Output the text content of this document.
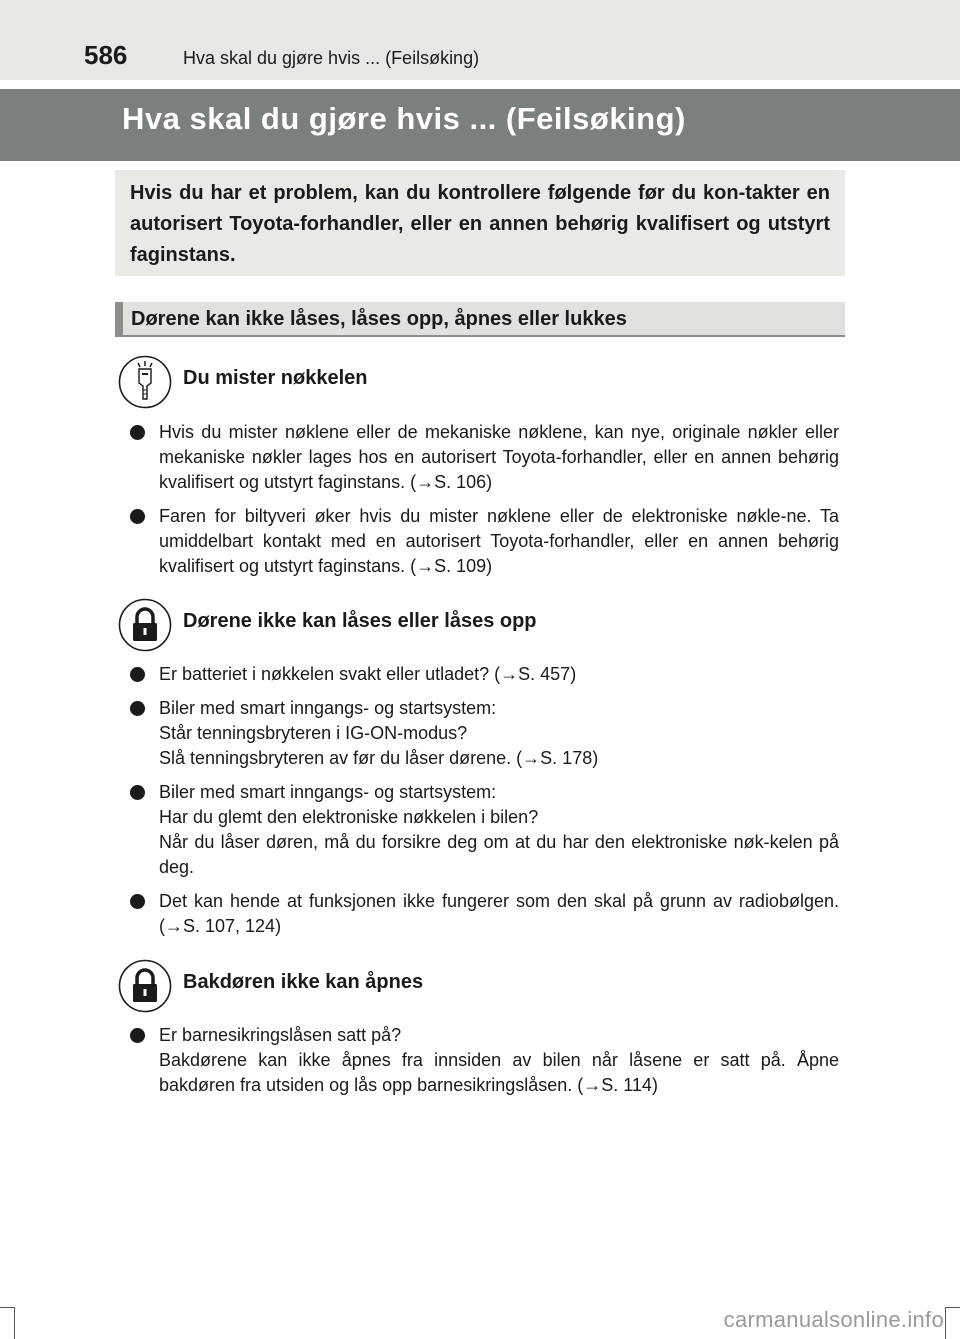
586	Hva skal du gjøre hvis ... (Feilsøking)
Hva skal du gjøre hvis ... (Feilsøking)

Hvis du har et problem, kan du kontrollere følgende før du kon-takter en autorisert Toyota-forhandler, eller en annen behørig kvalifisert og utstyrt faginstans.

Dørene kan ikke låses, låses opp, åpnes eller lukkes
Du mister nøkkelen
Hvis du mister nøklene eller de mekaniske nøklene, kan nye, originale nøkler eller mekaniske nøkler lages hos en autorisert Toyota-forhandler, eller en annen behørig kvalifisert og utstyrt faginstans. (→S. 106)
Faren for biltyveri øker hvis du mister nøklene eller de elektroniske nøkle-ne. Ta umiddelbart kontakt med en autorisert Toyota-forhandler, eller en annen behørig kvalifisert og utstyrt faginstans. (→S. 109)
Dørene ikke kan låses eller låses opp
Er batteriet i nøkkelen svakt eller utladet? (→S. 457)
Biler med smart inngangs- og startsystem:
Står tenningsbryteren i IG-ON-modus?
Slå tenningsbryteren av før du låser dørene. (→S. 178)
Biler med smart inngangs- og startsystem:
Har du glemt den elektroniske nøkkelen i bilen?
Når du låser døren, må du forsikre deg om at du har den elektroniske nøk-kelen på deg.
Det kan hende at funksjonen ikke fungerer som den skal på grunn av radiobølgen. (→S. 107, 124)
Bakdøren ikke kan åpnes
Er barnesikringslåsen satt på?
Bakdørene kan ikke åpnes fra innsiden av bilen når låsene er satt på. Åpne bakdøren fra utsiden og lås opp barnesikringslåsen. (→S. 114)
carmanualsonline.info
